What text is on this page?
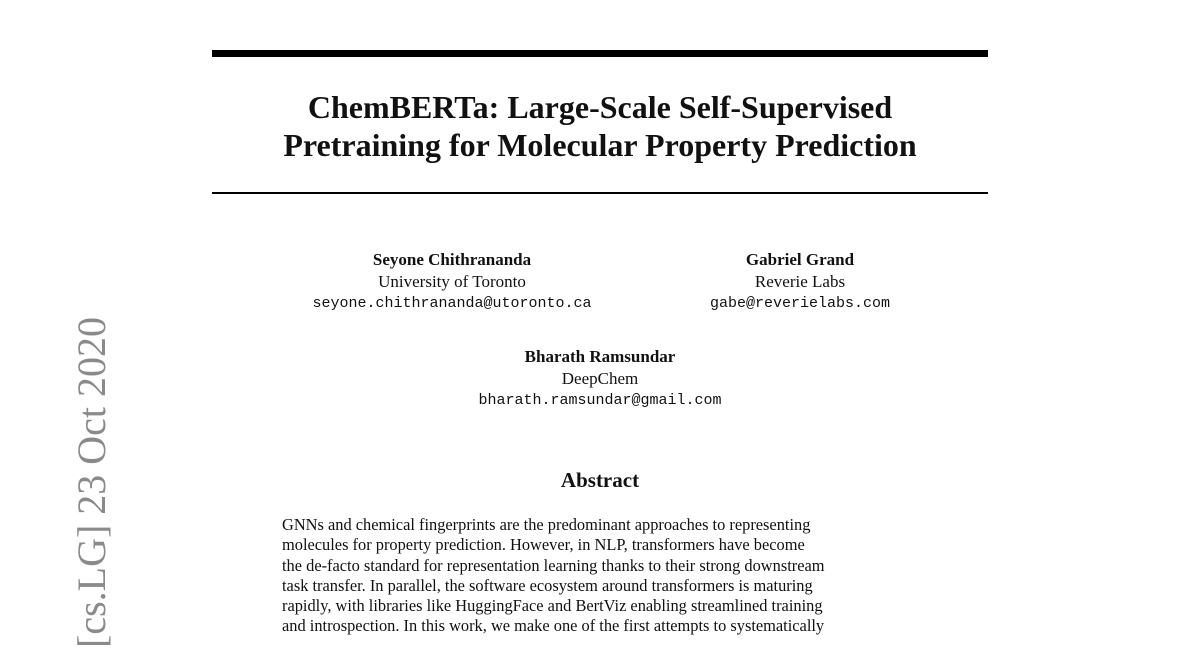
[cs.LG] 23 Oct 2020
ChemBERTa: Large-Scale Self-Supervised
Pretraining for Molecular Property Prediction
Seyone Chithrananda
University of Toronto
seyone.chithrananda@utoronto.ca
Gabriel Grand
Reverie Labs
gabe@reverielabs.com
Bharath Ramsundar
DeepChem
bharath.ramsundar@gmail.com
Abstract
GNNs and chemical fingerprints are the predominant approaches to representing
molecules for property prediction. However, in NLP, transformers have become
the de-facto standard for representation learning thanks to their strong downstream
task transfer. In parallel, the software ecosystem around transformers is maturing
rapidly, with libraries like HuggingFace and BertViz enabling streamlined training
and introspection. In this work, we make one of the first attempts to systematically
